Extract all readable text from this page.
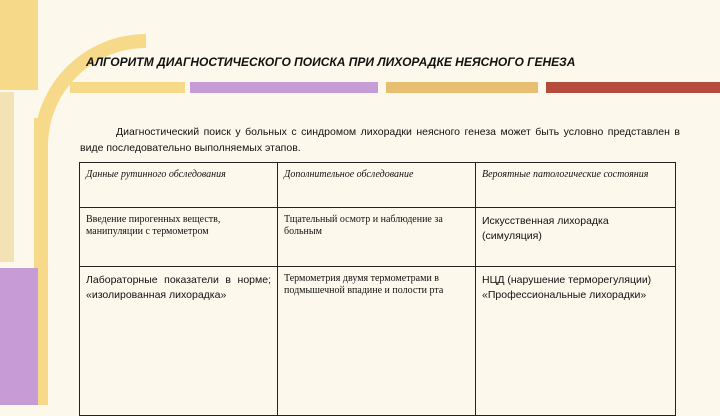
АЛГОРИТМ ДИАГНОСТИЧЕСКОГО ПОИСКА ПРИ ЛИХОРАДКЕ НЕЯСНОГО ГЕНЕЗА
Диагностический поиск у больных с синдромом лихорадки неясного генеза может быть условно представлен в виде последовательно выполняемых этапов.
Данные рутинного обследования	Дополнительное обследование	Вероятные патологические состояния
Введение пирогенных веществ, манипуляции с термометром	Тщательный осмотр и наблюдение за больным	Искусственная лихорадка (симуляция)
Лабораторные показатели в норме; «изолированная лихорадка»	Термометрия двумя термометрами в подмышечной впадине и полости рта	НЦД (нарушение терморегуляции) «Профессиональные лихорадки»
